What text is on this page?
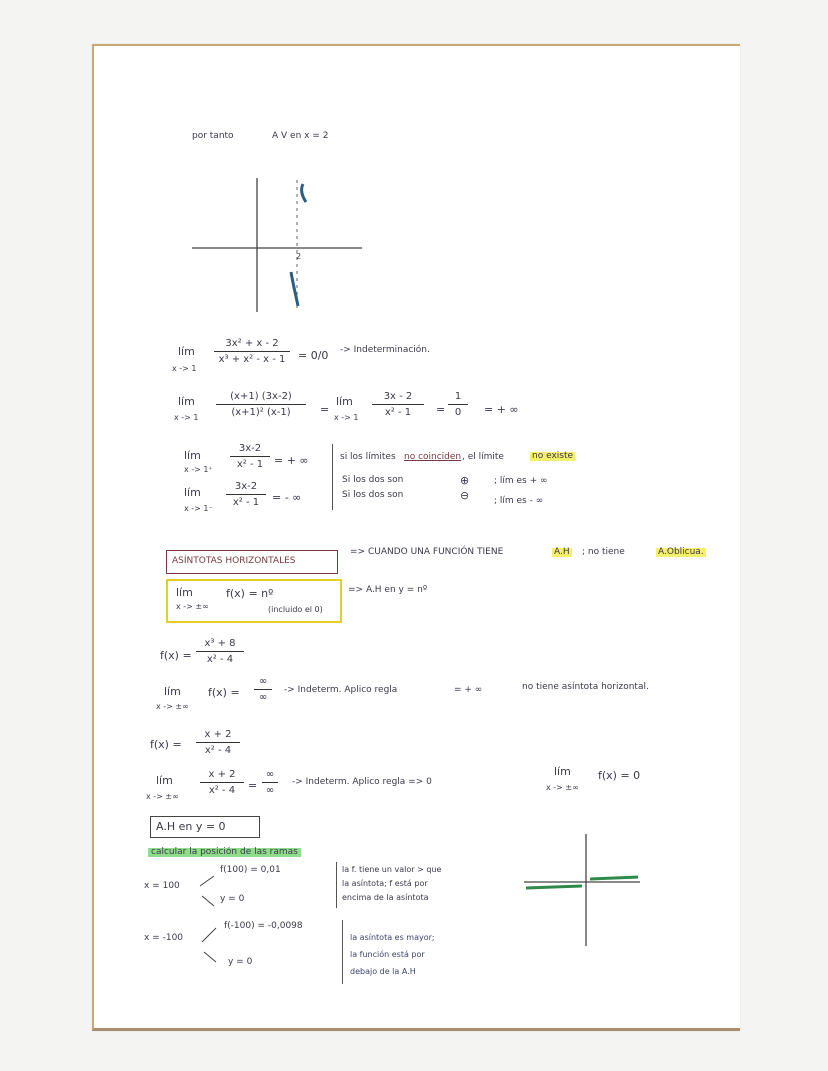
por tanto	A V en x = 2
2
lím
x -> 1
3x² + x - 2
x³ + x² - x - 1	= 0/0 -> Indeterminación.
lím
x -> 1
(x+1) (3x-2)
(x+1)² (x-1)	=
lím
x -> 1
3x - 2
x² - 1	=
1
0	= + ∞
lím
x -> 1⁺
3x-2
x² - 1 = + ∞
lím
x -> 1⁻
3x-2
x² - 1	= - ∞
si los límites no coinciden , el límite	no existe
Si los dos son	⊕	; lím es + ∞
Si los dos son	⊖	; lím es - ∞
ASÍNTOTAS HORIZONTALES
=> CUANDO UNA FUNCIÓN TIENE	A.H ; no tiene	A.Oblicua.
lím	f(x) = nº
x -> ±∞	(incluido el 0)
=> A.H en y = nº
f(x) =
x³ + 8
x² - 4
lím
x -> ±∞
f(x) =
∞
∞
-> Indeterm. Aplico regla	= + ∞	no tiene asíntota horizontal.
f(x) =
x + 2
x² - 4
lím
x -> ±∞
x + 2
x² - 4	=
∞
∞
-> Indeterm. Aplico regla => 0
lím
x -> ±∞
f(x) = 0
A.H en y = 0
calcular la posición de las ramas
x = 100
f(100) = 0,01
y = 0
la f. tiene un valor > que
la asíntota; f está por
encima de la asíntota
x = -100
f(-100) = -0,0098
y = 0
la asíntota es mayor;
la función está por
debajo de la A.H
